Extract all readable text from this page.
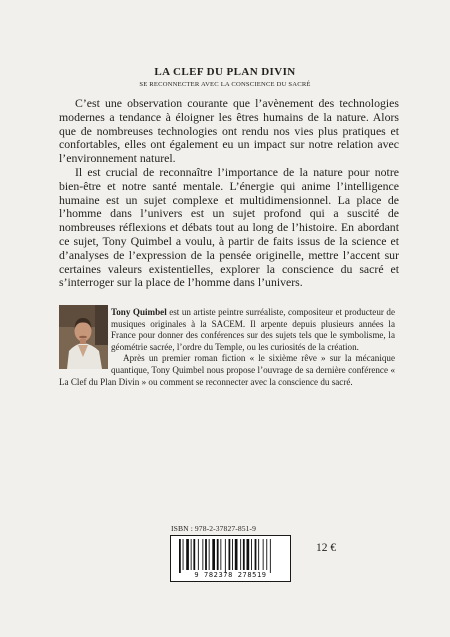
LA CLEF DU PLAN DIVIN
SE RECONNECTER AVEC LA CONSCIENCE DU SACRÉ

C’est une observation courante que l’avènement des technologies modernes a tendance à éloigner les êtres humains de la nature. Alors que de nombreuses technologies ont rendu nos vies plus pratiques et confortables, elles ont également eu un impact sur notre relation avec l’environnement naturel.

Il est crucial de reconnaître l’importance de la nature pour notre bien-être et notre santé mentale. L’énergie qui anime l’intelligence humaine est un sujet complexe et multidimensionnel. La place de l’homme dans l’univers est un sujet profond qui a suscité de nombreuses réflexions et débats tout au long de l’histoire. En abordant ce sujet, Tony Quimbel a voulu, à partir de faits issus de la science et d’analyses de l’expression de la pensée originelle, mettre l’accent sur certaines valeurs existentielles, explorer la conscience du sacré et s’interroger sur la place de l’homme dans l’univers.

Tony Quimbel est un artiste peintre surréaliste, compositeur et producteur de musiques originales à la SACEM. Il arpente depuis plusieurs années la France pour donner des conférences sur des sujets tels que le symbolisme, la géométrie sacrée, l’ordre du Temple, ou les curiosités de la création.

Après un premier roman fiction « le sixième rêve » sur la mécanique quantique, Tony Quimbel nous propose l’ouvrage de sa dernière conférence « La Clef du Plan Divin » ou comment se reconnecter avec la conscience du sacré.

ISBN : 978-2-37827-851-9
9 782378 278519
12 €
